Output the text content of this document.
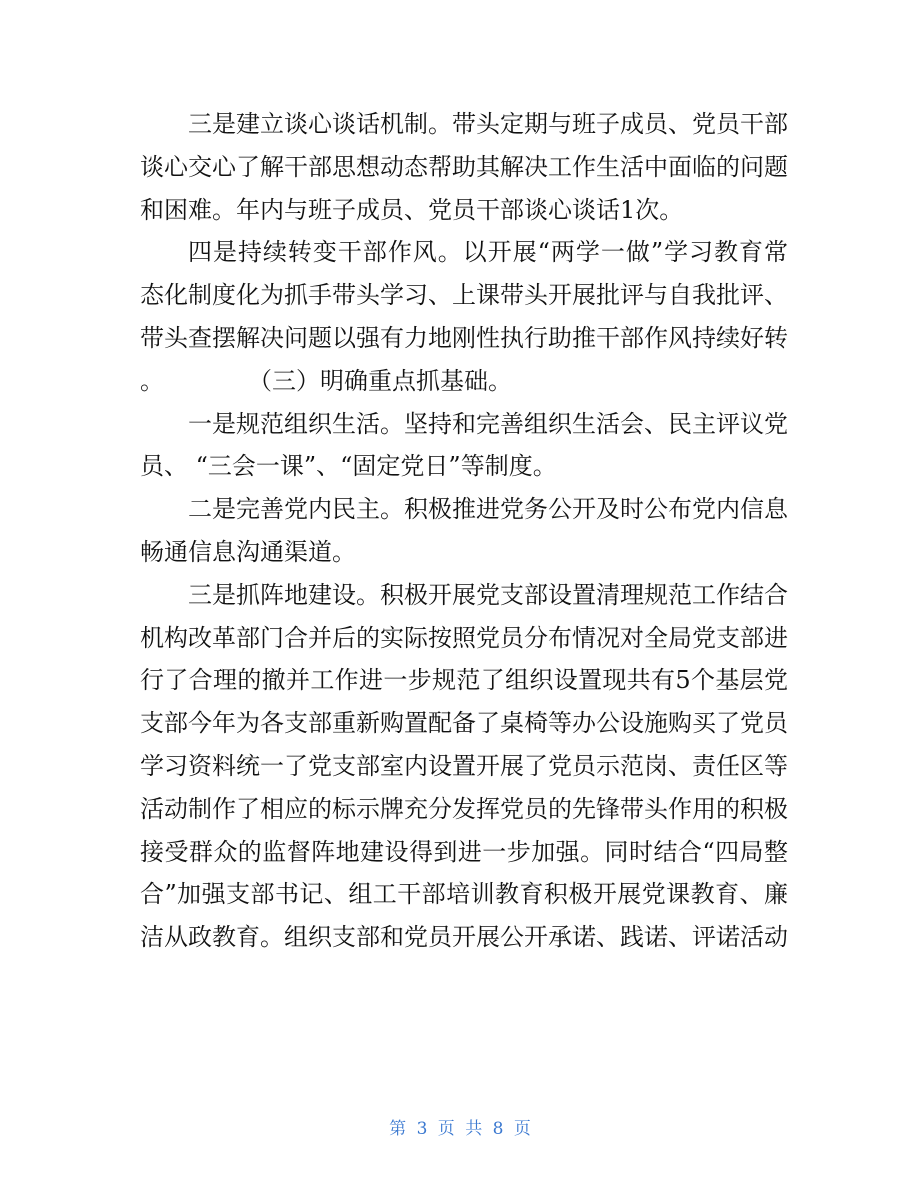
三是建立谈心谈话机制。带头定期与班子成员、党员干部谈心交心了解干部思想动态帮助其解决工作生活中面临的问题和困难。年内与班子成员、党员干部谈心谈话1次。

四是持续转变干部作风。以开展“两学一做”学习教育常态化制度化为抓手带头学习、上课带头开展批评与自我批评、带头查摆解决问题以强有力地刚性执行助推干部作风持续好转

。	（三）明确重点抓基础。

一是规范组织生活。坚持和完善组织生活会、民主评议党员、 “三会一课”、“固定党日”等制度。

二是完善党内民主。积极推进党务公开及时公布党内信息畅通信息沟通渠道。

三是抓阵地建设。积极开展党支部设置清理规范工作结合机构改革部门合并后的实际按照党员分布情况对全局党支部进行了合理的撤并工作进一步规范了组织设置现共有5个基层党支部今年为各支部重新购置配备了桌椅等办公设施购买了党员学习资料统一了党支部室内设置开展了党员示范岗、责任区等活动制作了相应的标示牌充分发挥党员的先锋带头作用的积极接受群众的监督阵地建设得到进一步加强。同时结合“四局整合”加强支部书记、组工干部培训教育积极开展党课教育、廉洁从政教育。组织支部和党员开展公开承诺、践诺、评诺活动

第 3 页 共 8 页
